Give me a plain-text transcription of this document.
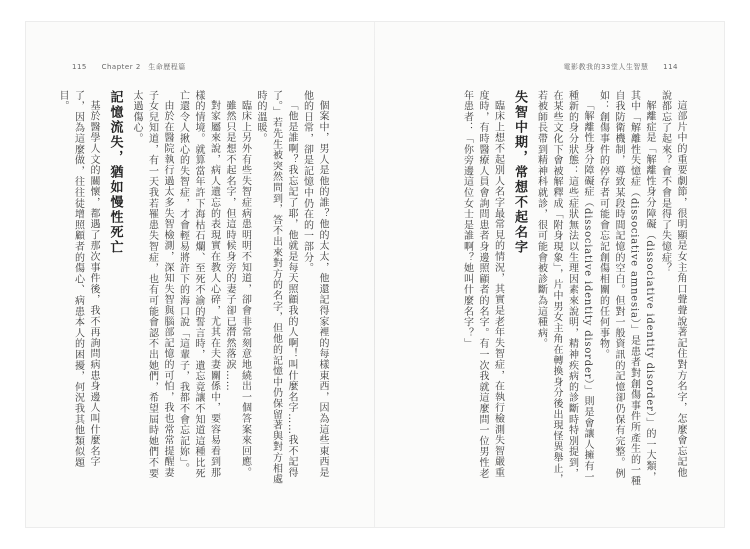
115 Chapter 2　生命歷程篇	電影教我的33堂人生智慧 114

這部片中的重要劇節，很明顯是女主角口聲聲說著記住對方名字，怎麼會忘記他說都忘了起來？會不會是得了失憶症？

解離症是「解離性身分障礙（dissociative identity disorder）」的一大類，其中「解離性失憶症（dissociative amnesia）」是患者對創傷事件所產生的一種自我防衛機制，導致某段時間記憶的空白。但對一般資訊的記憶卻仍保有完整。例如：創傷事件的停存者可能會忘記創傷相關的任何事物。

「解離性身分障礙症（dissociative identity disorder）」則是會讓人擁有一種新的身分狀態：這些症狀無法以生理因素來說明，精神疾病的診斷時特別提到，在某些文化下會被解釋成「附身現象」，片中男女主角在轉換身分後出現怪異舉止，若被師長帶到精神科就診，很可能會被診斷為這種病。

失智中期，常想不起名字

臨床上想不起別人名字最常見的情況，其實是老年失智症，在執行檢測失智嚴重度時，有時醫療人員會詢問患者身邊照顧者的名字。有一次我就這麼問一位男性老年患者：「你旁邊這位女士是誰啊？她叫什麼名字？」

個案中，男人是他的誰？他的太太，他還記得家裡的每樣東西，因為這些東西是他的日常，卻是記憶中仍在的一部分。

「他是誰啊？我忘記了耶，他就是每天照顧我的人啊！叫什麼名字……我不記得了。」若先生被突然問到，答不出來對方的名字，但他的記憶中仍保留著與對方相處時的溫暖。

臨床上另外有些失智症病患明明不知道，卻會非常刻意地繞出一個答案來回應。

雖然只是想不起名字，但這時候身旁的妻子卻已潸然落淚……

對家屬來說，病人遺忘的表現實在教人心碎，尤其在夫妻關係中，要容易看到那樣的情境。就算當年許下海枯石爛、至死不渝的誓言時，遺忘竟讓不知道這種比死亡還令人揪心的失智症，才會輕易將許下的海口說「這輩子，我都不會忘記妳」。

由於在醫院執行過太多失智檢測，深知失智與腦部記憶的可怕，我也常常提醒妻子女兒知道，有一天我若罹患失智症，也有可能會認不出她們，希望屆時她們不要太過傷心。

記憶流失，猶如慢性死亡

基於醫學人文的關懷，都遇了那次事件後，我不再詢問病患身邊人叫什麼名字了，因為這麼做，往往徒增照顧者的傷心、病患本人的困擾，何況我其他類似題目。
